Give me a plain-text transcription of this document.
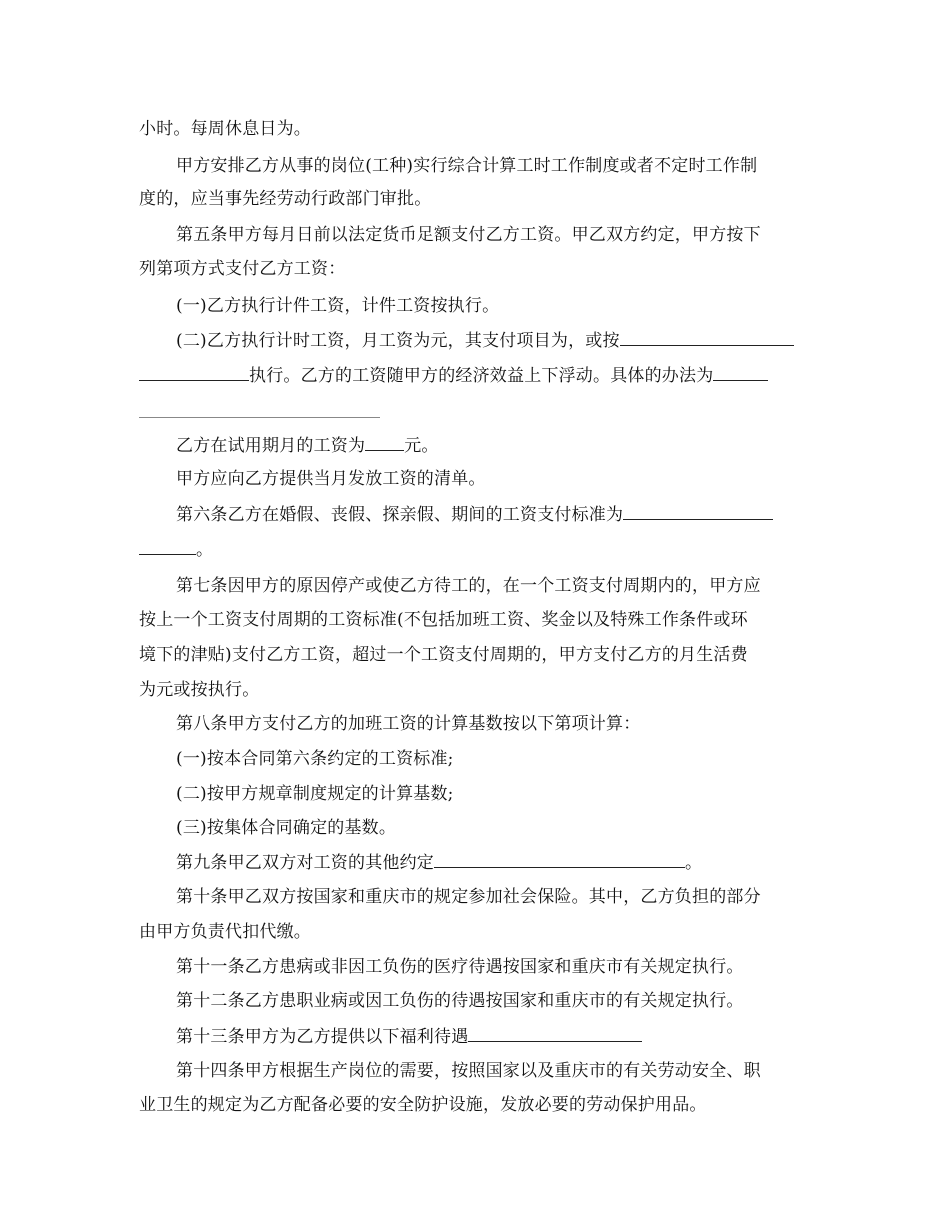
小时。每周休息日为。
甲方安排乙方从事的岗位(工种)实行综合计算工时工作制度或者不定时工作制
度的，应当事先经劳动行政部门审批。
第五条甲方每月日前以法定货币足额支付乙方工资。甲乙双方约定，甲方按下
列第项方式支付乙方工资：
(一)乙方执行计件工资，计件工资按执行。
(二)乙方执行计时工资，月工资为元，其支付项目为，或按
执行。乙方的工资随甲方的经济效益上下浮动。具体的办法为
乙方在试用期月的工资为 元。
甲方应向乙方提供当月发放工资的清单。
第六条乙方在婚假、丧假、探亲假、期间的工资支付标准为
。
第七条因甲方的原因停产或使乙方待工的，在一个工资支付周期内的，甲方应
按上一个工资支付周期的工资标准(不包括加班工资、奖金以及特殊工作条件或环
境下的津贴)支付乙方工资，超过一个工资支付周期的，甲方支付乙方的月生活费
为元或按执行。
第八条甲方支付乙方的加班工资的计算基数按以下第项计算：
(一)按本合同第六条约定的工资标准;
(二)按甲方规章制度规定的计算基数;
(三)按集体合同确定的基数。
第九条甲乙双方对工资的其他约定	。
第十条甲乙双方按国家和重庆市的规定参加社会保险。其中，乙方负担的部分
由甲方负责代扣代缴。
第十一条乙方患病或非因工负伤的医疗待遇按国家和重庆市有关规定执行。
第十二条乙方患职业病或因工负伤的待遇按国家和重庆市的有关规定执行。
第十三条甲方为乙方提供以下福利待遇
第十四条甲方根据生产岗位的需要，按照国家以及重庆市的有关劳动安全、职
业卫生的规定为乙方配备必要的安全防护设施，发放必要的劳动保护用品。
